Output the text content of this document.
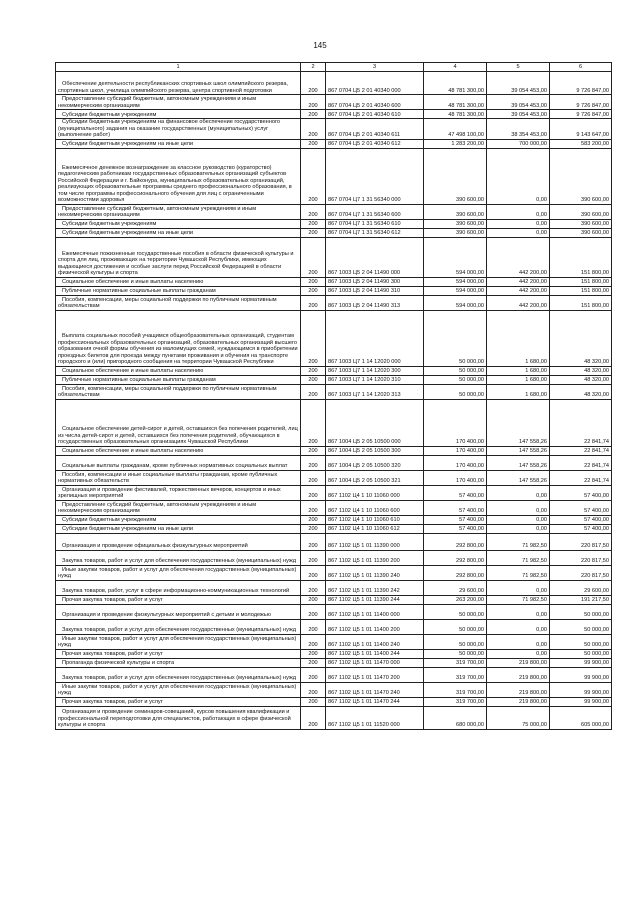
145
1	2	3	4	5	6

Обеспечение деятельности республиканских спортивных школ олимпийского резерва, спортивных школ, училища олимпийского резерва, центра спортивной подготовки	200	867 0704 Ц5 2 01 40340 000	48 781 300,00	39 054 453,00	9 726 847,00

Предоставление субсидий бюджетным, автономным учреждениям и иным некоммерческим организациям	200	867 0704 Ц5 2 01 40340 600	48 781 300,00	39 054 453,00	9 726 847,00

Субсидии бюджетным учреждениям	200	867 0704 Ц5 2 01 40340 610	48 781 300,00	39 054 453,00	9 726 847,00

Субсидии бюджетным учреждениям на финансовое обеспечение государственного (муниципального) задания на оказание государственных (муниципальных) услуг (выполнение работ)	200	867 0704 Ц5 2 01 40340 611	47 498 100,00	38 354 453,00	9 143 647,00

Субсидии бюджетным учреждениям на иные цели	200	867 0704 Ц5 2 01 40340 612	1 283 200,00	700 000,00	583 200,00

Ежемесячное денежное вознаграждение за классное руководство (кураторство) педагогическим работникам государственных образовательных организаций субъектов Российской Федерации и г. Байконура, муниципальных образовательных организаций, реализующих образовательные программы среднего профессионального образования, в том числе программы профессионального обучения для лиц с ограниченными возможностями здоровья	200	867 0704 Ц7 1 31 56340 000	390 600,00	0,00	390 600,00

Предоставление субсидий бюджетным, автономным учреждениям и иным некоммерческим организациям	200	867 0704 Ц7 1 31 56340 600	390 600,00	0,00	390 600,00

Субсидии бюджетным учреждениям	200	867 0704 Ц7 1 31 56340 610	390 600,00	0,00	390 600,00

Субсидии бюджетным учреждениям на иные цели	200	867 0704 Ц7 1 31 56340 612	390 600,00	0,00	390 600,00

Ежемесячные пожизненные государственные пособия в области физической культуры и спорта для лиц, проживающих на территории Чувашской Республики, имеющих выдающиеся достижения и особые заслуги перед Российской Федерацией в области физической культуры и спорта	200	867 1003 Ц5 2 04 11490 000	594 000,00	442 200,00	151 800,00

Социальное обеспечение и иные выплаты населению	200	867 1003 Ц5 2 04 11490 300	594 000,00	442 200,00	151 800,00

Публичные нормативные социальные выплаты гражданам	200	867 1003 Ц5 2 04 11490 310	594 000,00	442 200,00	151 800,00

Пособия, компенсации, меры социальной поддержки по публичным нормативным обязательствам	200	867 1003 Ц5 2 04 11490 313	594 000,00	442 200,00	151 800,00

Выплата социальных пособий учащимся общеобразовательных организаций, студентам профессиональных образовательных организаций, образовательных организаций высшего образования очной формы обучения из малоимущих семей, нуждающимся в приобретении проездных билетов для проезда между пунктами проживания и обучения на транспорте городского и (или) пригородного сообщения на территории Чувашской Республики	200	867 1003 Ц7 1 14 12020 000	50 000,00	1 680,00	48 320,00

Социальное обеспечение и иные выплаты населению	200	867 1003 Ц7 1 14 12020 300	50 000,00	1 680,00	48 320,00

Публичные нормативные социальные выплаты гражданам	200	867 1003 Ц7 1 14 12020 310	50 000,00	1 680,00	48 320,00

Пособия, компенсации, меры социальной поддержки по публичным нормативным обязательствам	200	867 1003 Ц7 1 14 12020 313	50 000,00	1 680,00	48 320,00

Социальное обеспечение детей-сирот и детей, оставшихся без попечения родителей, лиц из числа детей-сирот и детей, оставшихся без попечения родителей, обучающихся в государственных образовательных организациях Чувашской Республики	200	867 1004 Ц5 2 05 10500 000	170 400,00	147 558,26	22 841,74

Социальное обеспечение и иные выплаты населению	200	867 1004 Ц5 2 05 10500 300	170 400,00	147 558,26	22 841,74

Социальные выплаты гражданам, кроме публичных нормативных социальных выплат	200	867 1004 Ц5 2 05 10500 320	170 400,00	147 558,26	22 841,74

Пособия, компенсации и иные социальные выплаты гражданам, кроме публичных нормативных обязательств	200	867 1004 Ц5 2 05 10500 321	170 400,00	147 558,26	22 841,74

Организация и проведение фестивалей, торжественных вечеров, концертов и иных зрелищных мероприятий	200	867 1102 Ц4 1 10 11060 000	57 400,00	0,00	57 400,00

Предоставление субсидий бюджетным, автономным учреждениям и иным некоммерческим организациям	200	867 1102 Ц4 1 10 11060 600	57 400,00	0,00	57 400,00

Субсидии бюджетным учреждениям	200	867 1102 Ц4 1 10 11060 610	57 400,00	0,00	57 400,00

Субсидии бюджетным учреждениям на иные цели	200	867 1102 Ц4 1 10 11060 612	57 400,00	0,00	57 400,00

Организация и проведение официальных физкультурных мероприятий	200	867 1102 Ц5 1 01 11390 000	292 800,00	71 982,50	220 817,50

Закупка товаров, работ и услуг для обеспечения государственных (муниципальных) нужд	200	867 1102 Ц5 1 01 11390 200	292 800,00	71 982,50	220 817,50

Иные закупки товаров, работ и услуг для обеспечения государственных (муниципальных) нужд	200	867 1102 Ц5 1 01 11390 240	292 800,00	71 982,50	220 817,50

Закупка товаров, работ, услуг в сфере информационно-коммуникационных технологий	200	867 1102 Ц5 1 01 11390 242	29 600,00	0,00	29 600,00

Прочая закупка товаров, работ и услуг	200	867 1102 Ц5 1 01 11390 244	263 200,00	71 982,50	191 217,50

Организация и проведение физкультурных мероприятий с детьми и молодежью	200	867 1102 Ц5 1 01 11400 000	50 000,00	0,00	50 000,00

Закупка товаров, работ и услуг для обеспечения государственных (муниципальных) нужд	200	867 1102 Ц5 1 01 11400 200	50 000,00	0,00	50 000,00

Иные закупки товаров, работ и услуг для обеспечения государственных (муниципальных) нужд	200	867 1102 Ц5 1 01 11400 240	50 000,00	0,00	50 000,00

Прочая закупка товаров, работ и услуг	200	867 1102 Ц5 1 01 11400 244	50 000,00	0,00	50 000,00

Пропаганда физической культуры и спорта	200	867 1102 Ц5 1 01 11470 000	319 700,00	219 800,00	99 900,00

Закупка товаров, работ и услуг для обеспечения государственных (муниципальных) нужд	200	867 1102 Ц5 1 01 11470 200	319 700,00	219 800,00	99 900,00

Иные закупки товаров, работ и услуг для обеспечения государственных (муниципальных) нужд	200	867 1102 Ц5 1 01 11470 240	319 700,00	219 800,00	99 900,00

Прочая закупка товаров, работ и услуг	200	867 1102 Ц5 1 01 11470 244	319 700,00	219 800,00	99 900,00

Организация и проведение семинаров-совещаний, курсов повышения квалификации и профессиональной переподготовки для специалистов, работающих в сфере физической культуры и спорта	200	867 1102 Ц5 1 01 11520 000	680 000,00	75 000,00	605 000,00
